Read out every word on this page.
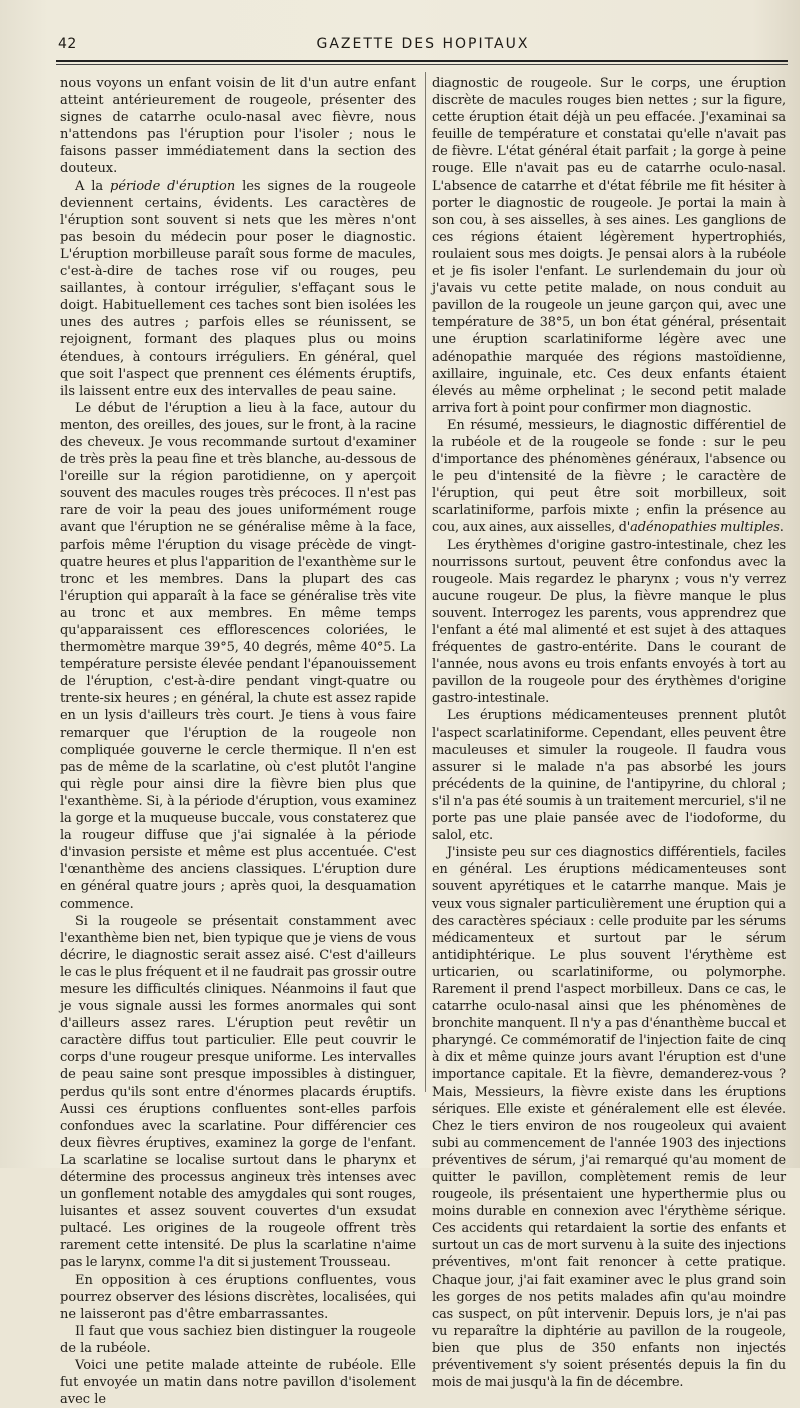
42	GAZETTE DES HOPITAUX

nous voyons un enfant voisin de lit d'un autre enfant atteint antérieurement de rougeole, présenter des signes de catarrhe oculo-nasal avec fièvre, nous n'attendons pas l'éruption pour l'isoler ; nous le faisons passer immédiatement dans la section des douteux.

A la période d'éruption les signes de la rougeole deviennent certains, évidents. Les caractères de l'éruption sont souvent si nets que les mères n'ont pas besoin du médecin pour poser le diagnostic. L'éruption morbilleuse paraît sous forme de macules, c'est-à-dire de taches rose vif ou rouges, peu saillantes, à contour irrégulier, s'effaçant sous le doigt. Habituellement ces taches sont bien isolées les unes des autres ; parfois elles se réunissent, se rejoignent, formant des plaques plus ou moins étendues, à contours irréguliers. En général, quel que soit l'aspect que prennent ces éléments éruptifs, ils laissent entre eux des intervalles de peau saine.

Le début de l'éruption a lieu à la face, autour du menton, des oreilles, des joues, sur le front, à la racine des cheveux. Je vous recommande surtout d'examiner de très près la peau fine et très blanche, au-dessous de l'oreille sur la région parotidienne, on y aperçoit souvent des macules rouges très précoces. Il n'est pas rare de voir la peau des joues uniformément rouge avant que l'éruption ne se généralise même à la face, parfois même l'éruption du visage précède de vingt-quatre heures et plus l'apparition de l'exanthème sur le tronc et les membres. Dans la plupart des cas l'éruption qui apparaît à la face se généralise très vite au tronc et aux membres. En même temps qu'apparaissent ces efflorescences coloriées, le thermomètre marque 39°5, 40 degrés, même 40°5. La température persiste élevée pendant l'épanouissement de l'éruption, c'est-à-dire pendant vingt-quatre ou trente-six heures ; en général, la chute est assez rapide en un lysis d'ailleurs très court. Je tiens à vous faire remarquer que l'éruption de la rougeole non compliquée gouverne le cercle thermique. Il n'en est pas de même de la scarlatine, où c'est plutôt l'angine qui règle pour ainsi dire la fièvre bien plus que l'exanthème. Si, à la période d'éruption, vous examinez la gorge et la muqueuse buccale, vous constaterez que la rougeur diffuse que j'ai signalée à la période d'invasion persiste et même est plus accentuée. C'est l'œnanthème des anciens classiques. L'éruption dure en général quatre jours ; après quoi, la desquamation commence.

Si la rougeole se présentait constamment avec l'exanthème bien net, bien typique que je viens de vous décrire, le diagnostic serait assez aisé. C'est d'ailleurs le cas le plus fréquent et il ne faudrait pas grossir outre mesure les difficultés cliniques. Néanmoins il faut que je vous signale aussi les formes anormales qui sont d'ailleurs assez rares. L'éruption peut revêtir un caractère diffus tout particulier. Elle peut couvrir le corps d'une rougeur presque uniforme. Les intervalles de peau saine sont presque impossibles à distinguer, perdus qu'ils sont entre d'énormes placards éruptifs. Aussi ces éruptions confluentes sont-elles parfois confondues avec la scarlatine. Pour différencier ces deux fièvres éruptives, examinez la gorge de l'enfant. La scarlatine se localise surtout dans le pharynx et détermine des processus angineux très intenses avec un gonflement notable des amygdales qui sont rouges, luisantes et assez souvent couvertes d'un exsudat pultacé. Les origines de la rougeole offrent très rarement cette intensité. De plus la scarlatine n'aime pas le larynx, comme l'a dit si justement Trousseau.

En opposition à ces éruptions confluentes, vous pourrez observer des lésions discrètes, localisées, qui ne laisseront pas d'être embarrassantes.

Il faut que vous sachiez bien distinguer la rougeole de la rubéole.

Voici une petite malade atteinte de rubéole. Elle fut envoyée un matin dans notre pavillon d'isolement avec le

diagnostic de rougeole. Sur le corps, une éruption discrète de macules rouges bien nettes ; sur la figure, cette éruption était déjà un peu effacée. J'examinai sa feuille de température et constatai qu'elle n'avait pas de fièvre. L'état général était parfait ; la gorge à peine rouge. Elle n'avait pas eu de catarrhe oculo-nasal. L'absence de catarrhe et d'état fébrile me fit hésiter à porter le diagnostic de rougeole. Je portai la main à son cou, à ses aisselles, à ses aines. Les ganglions de ces régions étaient légèrement hypertrophiés, roulaient sous mes doigts. Je pensai alors à la rubéole et je fis isoler l'enfant. Le surlendemain du jour où j'avais vu cette petite malade, on nous conduit au pavillon de la rougeole un jeune garçon qui, avec une température de 38°5, un bon état général, présentait une éruption scarlatiniforme légère avec une adénopathie marquée des régions mastoïdienne, axillaire, inguinale, etc. Ces deux enfants étaient élevés au même orphelinat ; le second petit malade arriva fort à point pour confirmer mon diagnostic.

En résumé, messieurs, le diagnostic différentiel de la rubéole et de la rougeole se fonde : sur le peu d'importance des phénomènes généraux, l'absence ou le peu d'intensité de la fièvre ; le caractère de l'éruption, qui peut être soit morbilleux, soit scarlatiniforme, parfois mixte ; enfin la présence au cou, aux aines, aux aisselles, d'adénopathies multiples.

Les érythèmes d'origine gastro-intestinale, chez les nourrissons surtout, peuvent être confondus avec la rougeole. Mais regardez le pharynx ; vous n'y verrez aucune rougeur. De plus, la fièvre manque le plus souvent. Interrogez les parents, vous apprendrez que l'enfant a été mal alimenté et est sujet à des attaques fréquentes de gastro-entérite. Dans le courant de l'année, nous avons eu trois enfants envoyés à tort au pavillon de la rougeole pour des érythèmes d'origine gastro-intestinale.

Les éruptions médicamenteuses prennent plutôt l'aspect scarlatiniforme. Cependant, elles peuvent être maculeuses et simuler la rougeole. Il faudra vous assurer si le malade n'a pas absorbé les jours précédents de la quinine, de l'antipyrine, du chloral ; s'il n'a pas été soumis à un traitement mercuriel, s'il ne porte pas une plaie pansée avec de l'iodoforme, du salol, etc.

J'insiste peu sur ces diagnostics différentiels, faciles en général. Les éruptions médicamenteuses sont souvent apyrétiques et le catarrhe manque. Mais je veux vous signaler particulièrement une éruption qui a des caractères spéciaux : celle produite par les sérums médicamenteux et surtout par le sérum antidiphtérique. Le plus souvent l'érythème est urticarien, ou scarlatiniforme, ou polymorphe. Rarement il prend l'aspect morbilleux. Dans ce cas, le catarrhe oculo-nasal ainsi que les phénomènes de bronchite manquent. Il n'y a pas d'énanthème buccal et pharyngé. Ce commémoratif de l'injection faite de cinq à dix et même quinze jours avant l'éruption est d'une importance capitale. Et la fièvre, demanderez-vous ? Mais, Messieurs, la fièvre existe dans les éruptions sériques. Elle existe et généralement elle est élevée. Chez le tiers environ de nos rougeoleux qui avaient subi au commencement de l'année 1903 des injections préventives de sérum, j'ai remarqué qu'au moment de quitter le pavillon, complètement remis de leur rougeole, ils présentaient une hyperthermie plus ou moins durable en connexion avec l'érythème sérique. Ces accidents qui retardaient la sortie des enfants et surtout un cas de mort survenu à la suite des injections préventives, m'ont fait renoncer à cette pratique. Chaque jour, j'ai fait examiner avec le plus grand soin les gorges de nos petits malades afin qu'au moindre cas suspect, on pût intervenir. Depuis lors, je n'ai pas vu reparaître la diphtérie au pavillon de la rougeole, bien que plus de 350 enfants non injectés préventivement s'y soient présentés depuis la fin du mois de mai jusqu'à la fin de décembre.
